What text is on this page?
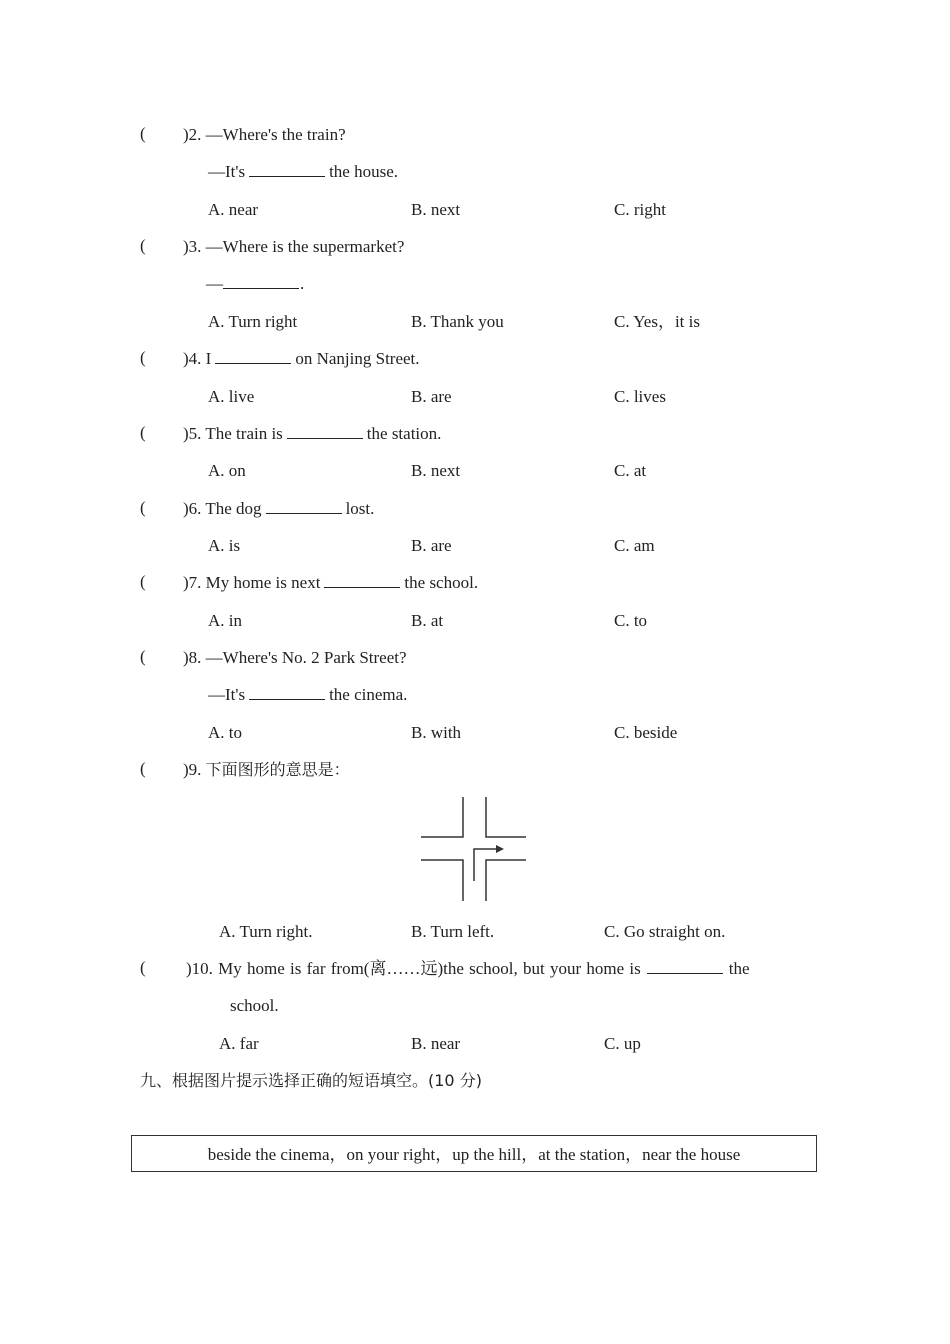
( )2. —Where's the train?
—It's	the house.
A. near	B. next	C. right
( )3. —Where is the supermarket?
—	.
A. Turn right	B. Thank you	C. Yes，it is
( )4. I	on Nanjing Street.
A. live	B. are	C. lives
( )5. The train is	the station.
A. on	B. next	C. at
( )6. The dog	lost.
A. is	B. are	C. am
( )7. My home is next	the school.
A. in	B. at	C. to
( )8. —Where's No. 2 Park Street?
—It's	the cinema.
A. to	B. with	C. beside
( )9. 下面图形的意思是：
A. Turn right.	B. Turn left.	C. Go straight on.
( )10. My home is far from(离……远)the school, but your home is	the
school.
A. far	B. near	C. up
九、根据图片提示选择正确的短语填空。(10 分)
beside the cinema，on your right，up the hill，at the station，near the house
